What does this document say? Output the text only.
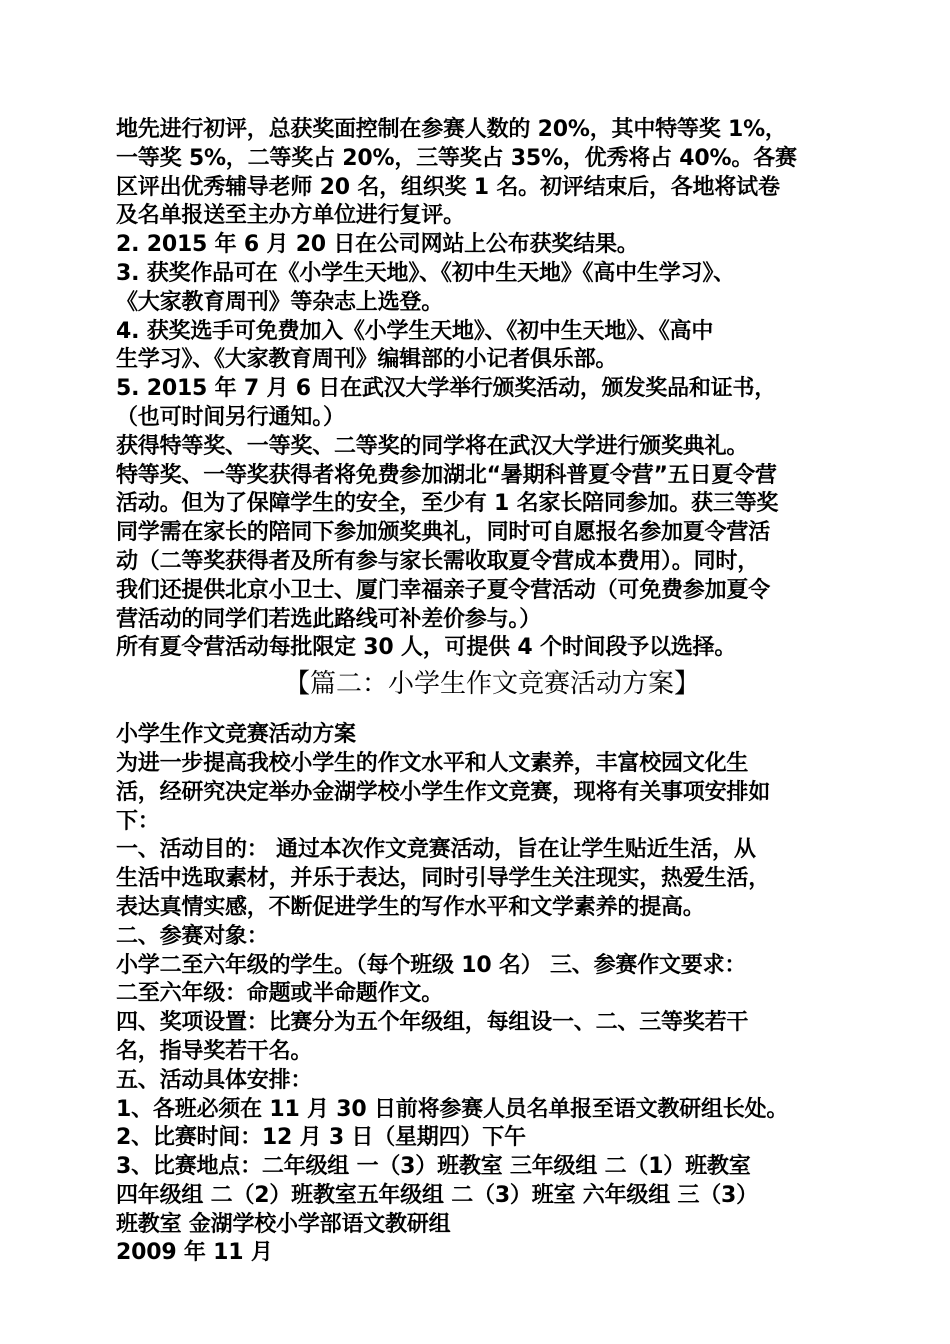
地先进行初评，总获奖面控制在参赛人数的 20%，其中特等奖 1%，
一等奖 5%，二等奖占 20%，三等奖占 35%，优秀将占 40%。各赛
区评出优秀辅导老师 20 名，组织奖 1 名。初评结束后，各地将试卷
及名单报送至主办方单位进行复评。
2. 2015 年 6 月 20 日在公司网站上公布获奖结果。
3. 获奖作品可在《小学生天地》、《初中生天地》《高中生学习》、
《大家教育周刊》等杂志上选登。
4. 获奖选手可免费加入《小学生天地》、《初中生天地》、《高中
生学习》、《大家教育周刊》编辑部的小记者俱乐部。
5. 2015 年 7 月 6 日在武汉大学举行颁奖活动，颁发奖品和证书，
（也可时间另行通知。）
获得特等奖、一等奖、二等奖的同学将在武汉大学进行颁奖典礼。
特等奖、一等奖获得者将免费参加湖北“暑期科普夏令营”五日夏令营
活动。但为了保障学生的安全，至少有 1 名家长陪同参加。获三等奖
同学需在家长的陪同下参加颁奖典礼，同时可自愿报名参加夏令营活
动（二等奖获得者及所有参与家长需收取夏令营成本费用）。同时，
我们还提供北京小卫士、厦门幸福亲子夏令营活动（可免费参加夏令
营活动的同学们若选此路线可补差价参与。）
所有夏令营活动每批限定 30 人，可提供 4 个时间段予以选择。
【篇二：小学生作文竞赛活动方案】
小学生作文竞赛活动方案
为进一步提高我校小学生的作文水平和人文素养，丰富校园文化生
活，经研究决定举办金湖学校小学生作文竞赛，现将有关事项安排如
下：
一、活动目的： 通过本次作文竞赛活动，旨在让学生贴近生活，从
生活中选取素材，并乐于表达，同时引导学生关注现实，热爱生活，
表达真情实感，不断促进学生的写作水平和文学素养的提高。
二、参赛对象：
小学二至六年级的学生。（每个班级 10 名） 三、参赛作文要求：
二至六年级：命题或半命题作文。
四、奖项设置：比赛分为五个年级组，每组设一、二、三等奖若干
名，指导奖若干名。
五、活动具体安排：
1、各班必须在 11 月 30 日前将参赛人员名单报至语文教研组长处。
2、比赛时间：12 月 3 日（星期四）下午
3、比赛地点：二年级组 一（3）班教室 三年级组 二（1）班教室
四年级组 二（2）班教室五年级组 二（3）班室 六年级组 三（3）
班教室 金湖学校小学部语文教研组
2009 年 11 月
